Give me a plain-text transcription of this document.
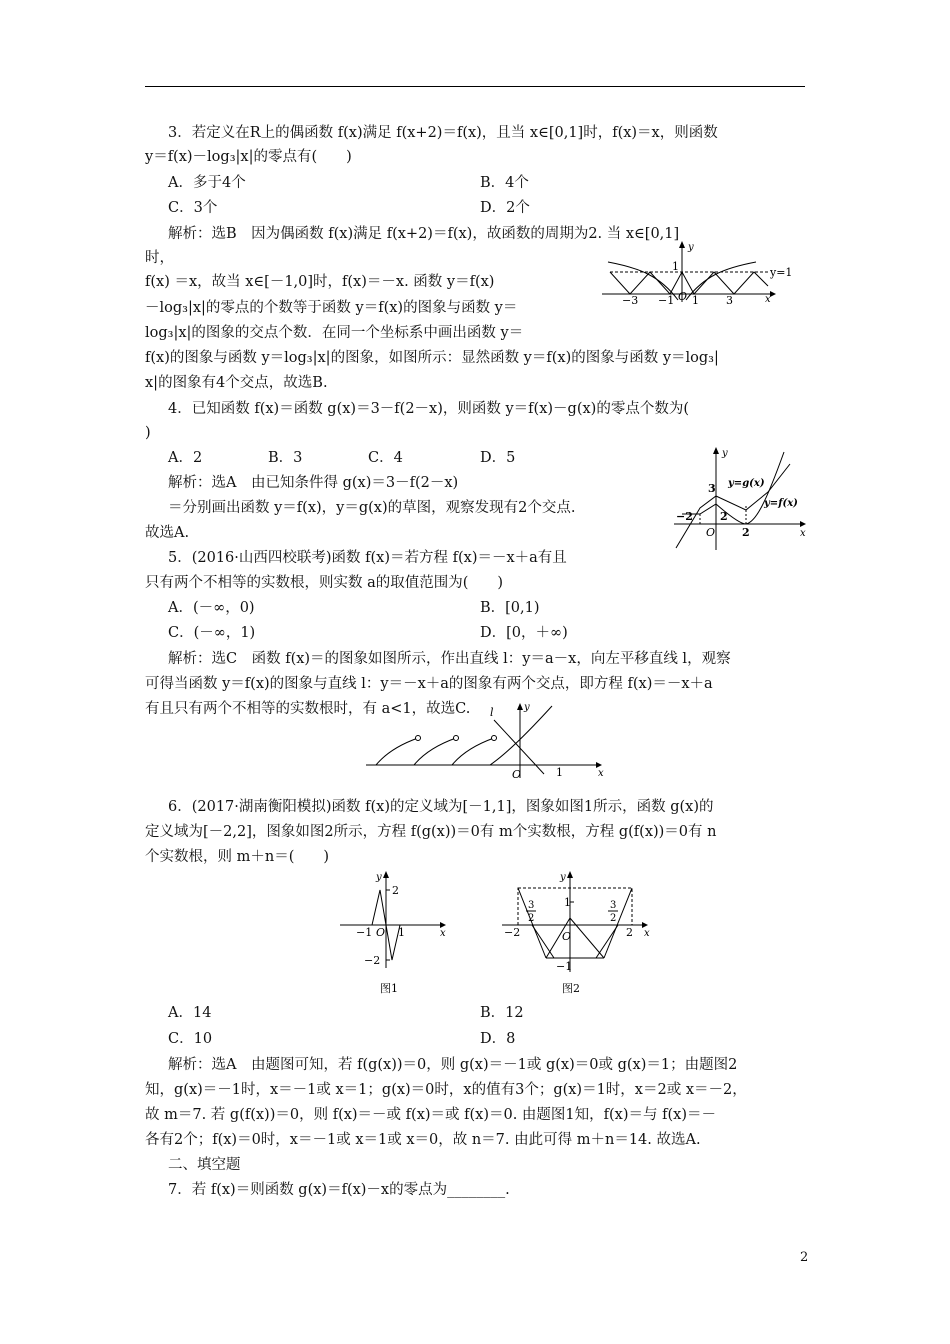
3．若定义在R上的偶函数 f(x)满足 f(x+2)＝f(x)，且当 x∈[0,1]时，f(x)＝x，则函数
y＝f(x)－log₃|x|的零点有(　　)
A．多于4个	B．4个
C．3个	D．2个
解析：选B　因为偶函数 f(x)满足 f(x+2)＝f(x)，故函数的周期为2. 当 x∈[0,1]
时，
f(x) ＝x，故当 x∈[－1,0]时，f(x)＝－x. 函数 y＝f(x)
－log₃|x|的零点的个数等于函数 y＝f(x)的图象与函数 y＝
log₃|x|的图象的交点个数．在同一个坐标系中画出函数 y＝
f(x)的图象与函数 y＝log₃|x|的图象，如图所示：显然函数 y＝f(x)的图象与函数 y＝log₃|
x|的图象有4个交点，故选B.
y
y=1
1
−3 −1 O 1 3	x
4．已知函数 f(x)＝函数 g(x)＝3－f(2－x)，则函数 y＝f(x)－g(x)的零点个数为(
)
A．2	B．3	C．4	D．5
解析：选A　由已知条件得 g(x)＝3－f(2－x)
＝分别画出函数 y＝f(x)，y＝g(x)的草图，观察发现有2个交点.
故选A.
y
3 y=g(x)
y=f(x)
−2 2
O 2	x
5．(2016·山西四校联考)函数 f(x)＝若方程 f(x)＝－x＋a有且
只有两个不相等的实数根，则实数 a的取值范围为(　　)
A．(－∞，0)	B．[0,1)
C．(－∞，1)	D．[0，＋∞)
解析：选C　函数 f(x)＝的图象如图所示，作出直线 l：y＝a－x，向左平移直线 l，观察
可得当函数 y＝f(x)的图象与直线 l：y＝－x＋a的图象有两个交点，即方程 f(x)＝－x＋a
有且只有两个不相等的实数根时，有 a<1，故选C. l	y
O	1	x
6．(2017·湖南衡阳模拟)函数 f(x)的定义域为[－1,1]，图象如图1所示，函数 g(x)的
定义域为[－2,2]，图象如图2所示，方程 f(g(x))＝0有 m个实数根，方程 g(f(x))＝0有 n
个实数根，则 m＋n＝(　　)
y
2
−1 O 1
−2
x
图1
y
1
3
2
3
2
−2	O	2
−1
x
图2
A．14	B．12
C．10	D．8
解析：选A　由题图可知，若 f(g(x))＝0，则 g(x)＝－1或 g(x)＝0或 g(x)＝1；由题图2
知，g(x)＝－1时，x＝－1或 x＝1；g(x)＝0时，x的值有3个；g(x)＝1时，x＝2或 x＝－2，
故 m＝7. 若 g(f(x))＝0，则 f(x)＝－或 f(x)＝或 f(x)＝0. 由题图1知，f(x)＝与 f(x)＝－
各有2个；f(x)＝0时，x＝－1或 x＝1或 x＝0，故 n＝7. 由此可得 m＋n＝14. 故选A.
二、填空题
7．若 f(x)＝则函数 g(x)＝f(x)－x的零点为________.
2
